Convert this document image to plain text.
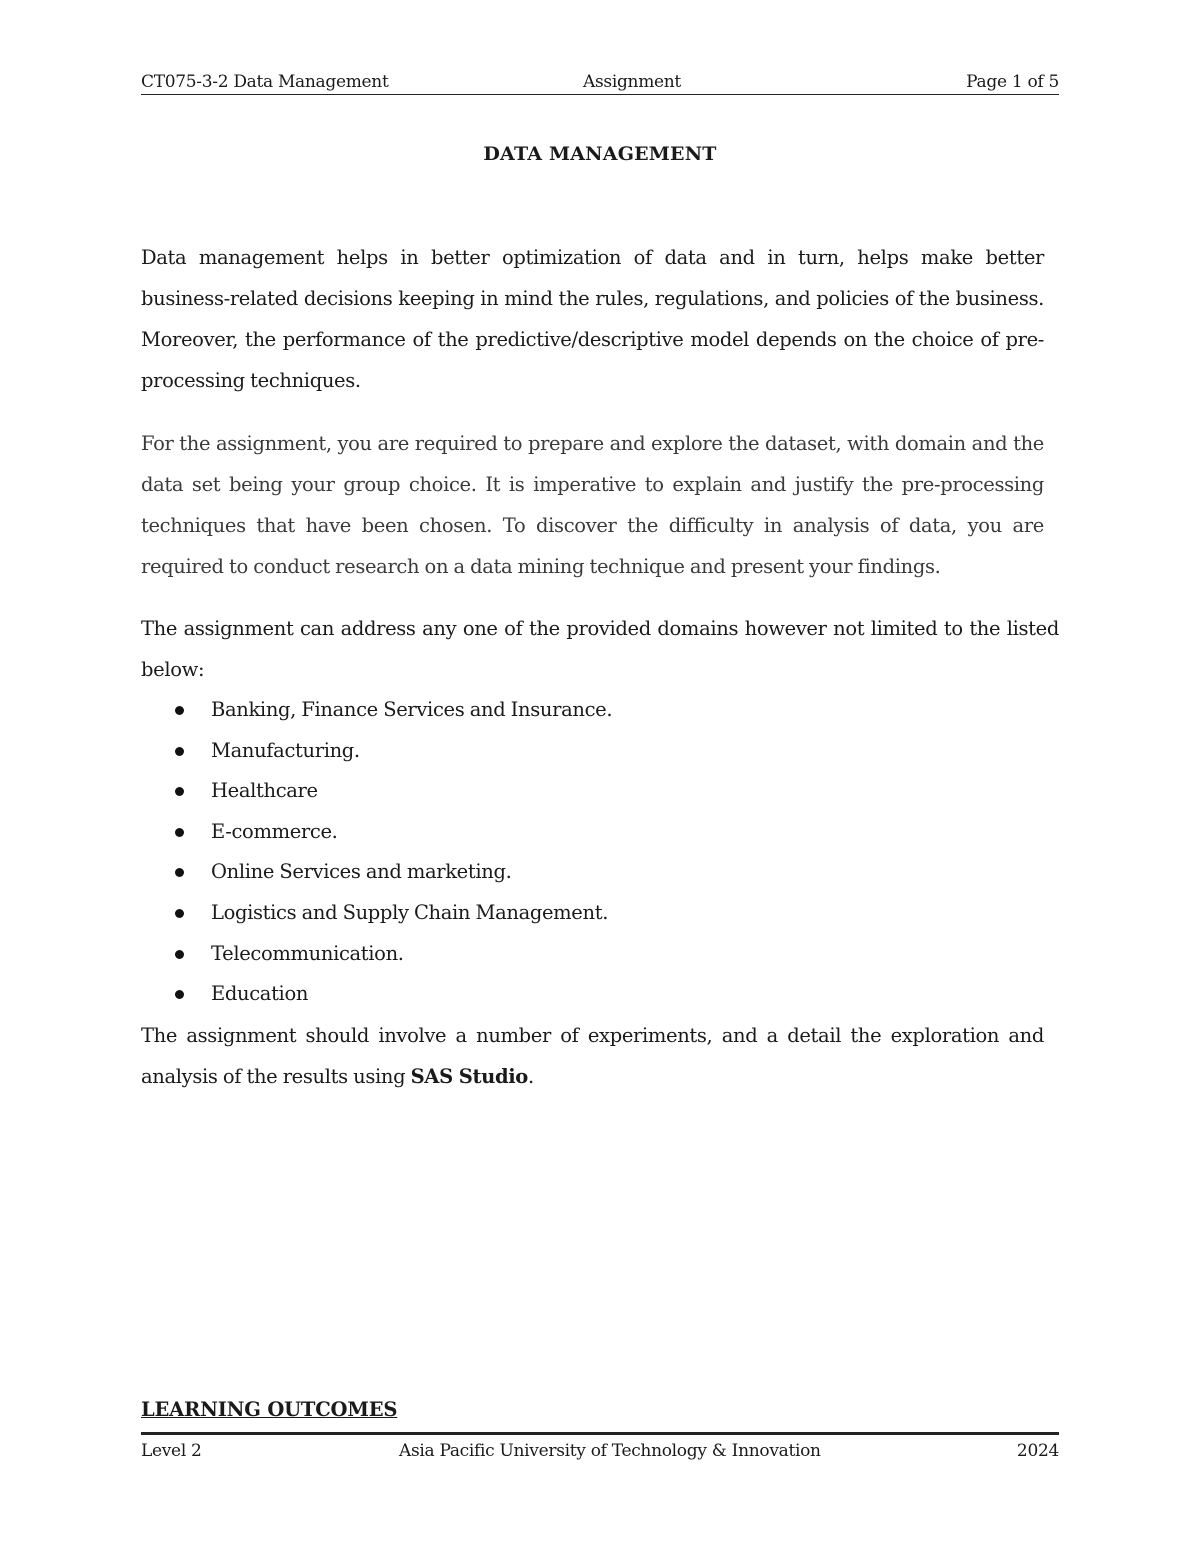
CT075-3-2 Data Management	Assignment	Page 1 of 5
DATA MANAGEMENT

Data management helps in better optimization of data and in turn, helps make better business-related decisions keeping in mind the rules, regulations, and policies of the business. Moreover, the performance of the predictive/descriptive model depends on the choice of pre-processing techniques.

For the assignment, you are required to prepare and explore the dataset, with domain and the data set being your group choice. It is imperative to explain and justify the pre-processing techniques that have been chosen. To discover the difficulty in analysis of data, you are required to conduct research on a data mining technique and present your findings.

The assignment can address any one of the provided domains however not limited to the listed below:

Banking, Finance Services and Insurance.
Manufacturing.
Healthcare
E-commerce.
Online Services and marketing.
Logistics and Supply Chain Management.
Telecommunication.
Education

The assignment should involve a number of experiments, and a detail the exploration and analysis of the results using SAS Studio.

LEARNING OUTCOMES
Level 2	Asia Pacific University of Technology & Innovation	2024
